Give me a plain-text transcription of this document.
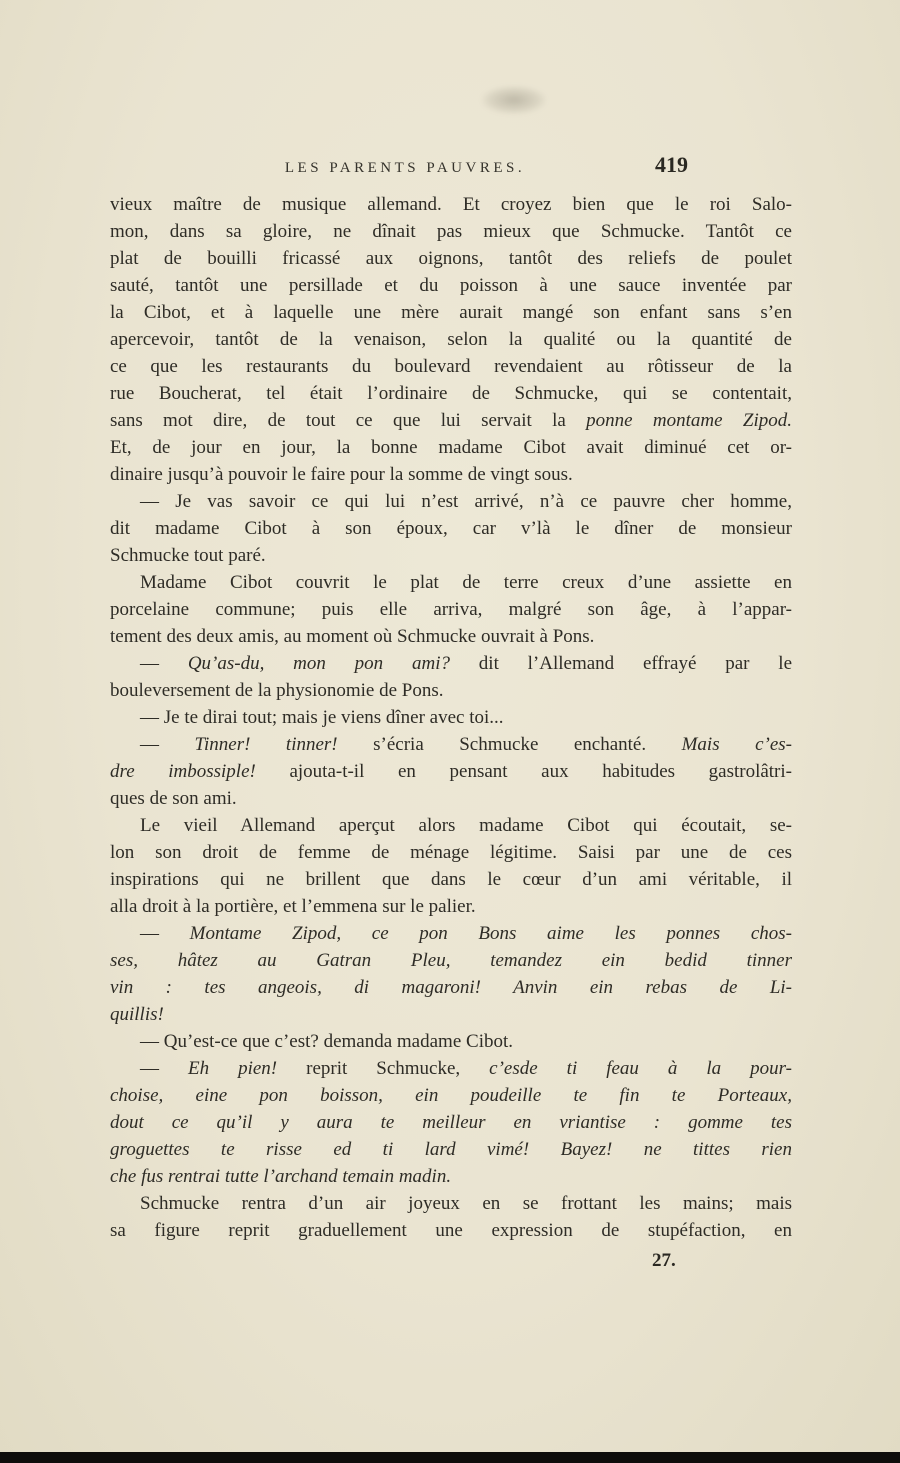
LES PARENTS PAUVRES.	419
vieux maître de musique allemand. Et croyez bien que le roi Salo-
mon, dans sa gloire, ne dînait pas mieux que Schmucke. Tantôt ce
plat de bouilli fricassé aux oignons, tantôt des reliefs de poulet
sauté, tantôt une persillade et du poisson à une sauce inventée par
la Cibot, et à laquelle une mère aurait mangé son enfant sans s’en
apercevoir, tantôt de la venaison, selon la qualité ou la quantité de
ce que les restaurants du boulevard revendaient au rôtisseur de la
rue Boucherat, tel était l’ordinaire de Schmucke, qui se contentait,
sans mot dire, de tout ce que lui servait la ponne montame Zipod.
Et, de jour en jour, la bonne madame Cibot avait diminué cet or-
dinaire jusqu’à pouvoir le faire pour la somme de vingt sous.
— Je vas savoir ce qui lui n’est arrivé, n’à ce pauvre cher homme,
dit madame Cibot à son époux, car v’là le dîner de monsieur
Schmucke tout paré.
Madame Cibot couvrit le plat de terre creux d’une assiette en
porcelaine commune; puis elle arriva, malgré son âge, à l’appar-
tement des deux amis, au moment où Schmucke ouvrait à Pons.
— Qu’as-du, mon pon ami? dit l’Allemand effrayé par le
bouleversement de la physionomie de Pons.
— Je te dirai tout; mais je viens dîner avec toi...
— Tinner! tinner! s’écria Schmucke enchanté. Mais c’es-
dre imbossiple! ajouta-t-il en pensant aux habitudes gastrolâtri-
ques de son ami.
Le vieil Allemand aperçut alors madame Cibot qui écoutait, se-
lon son droit de femme de ménage légitime. Saisi par une de ces
inspirations qui ne brillent que dans le cœur d’un ami véritable, il
alla droit à la portière, et l’emmena sur le palier.
— Montame Zipod, ce pon Bons aime les ponnes chos-
ses, hâtez au Gatran Pleu, temandez ein bedid tinner
vin : tes angeois, di magaroni! Anvin ein rebas de Li-
quillis!
— Qu’est-ce que c’est? demanda madame Cibot.
— Eh pien! reprit Schmucke, c’esde ti feau à la pour-
choise, eine pon boisson, ein poudeille te fin te Porteaux,
dout ce qu’il y aura te meilleur en vriantise : gomme tes
groguettes te risse ed ti lard vimé! Bayez! ne tittes rien
che fus rentrai tutte l’archand temain madin.
Schmucke rentra d’un air joyeux en se frottant les mains; mais
sa figure reprit graduellement une expression de stupéfaction, en
27.
